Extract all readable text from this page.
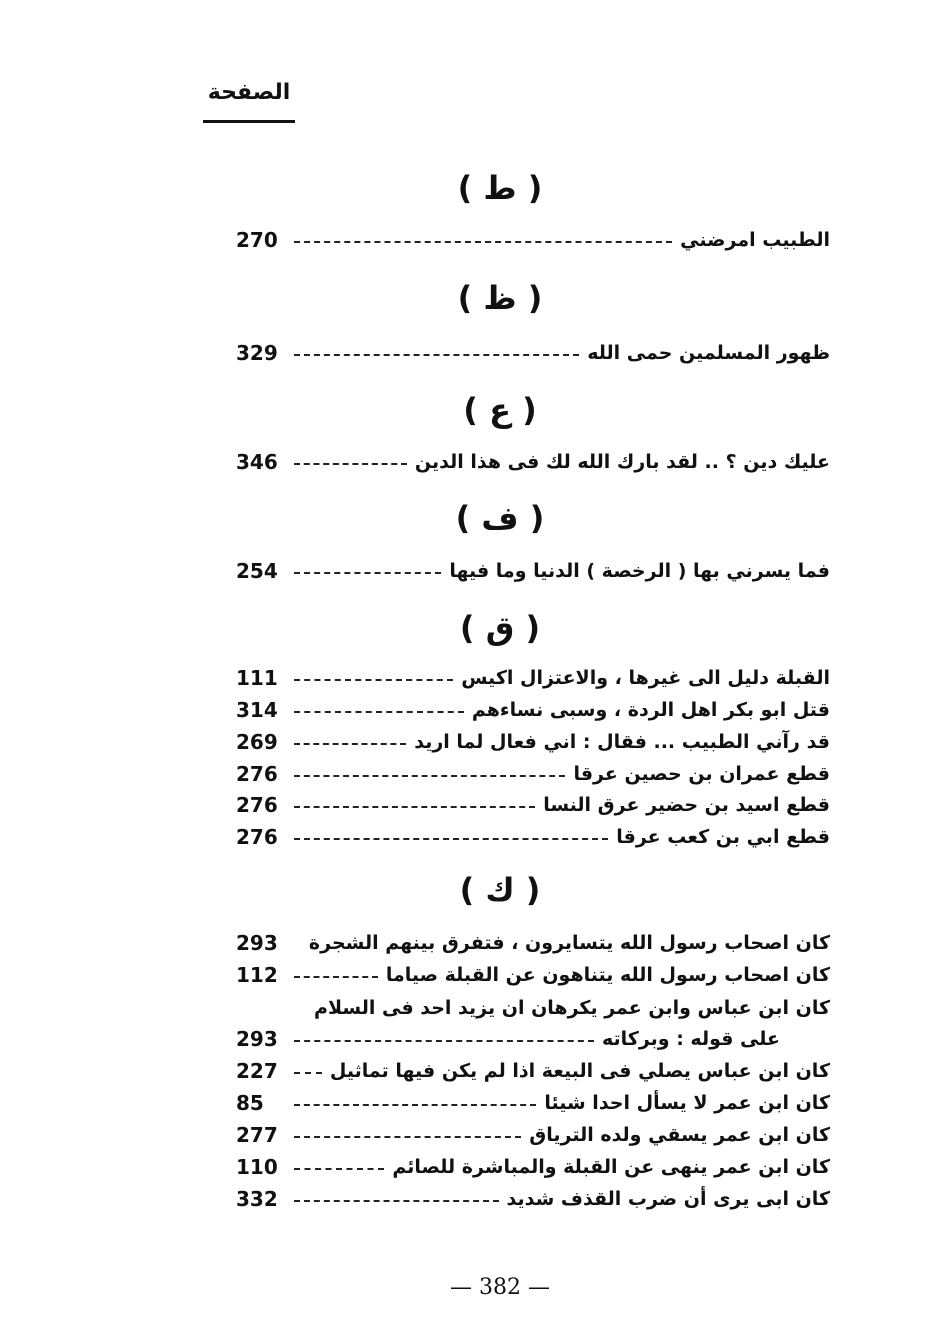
الصفحة
( ط )
270	الطبيب امرضني
( ظ )
329	ظهور المسلمين حمى الله
( ع )
346	عليك دين ؟ .. لقد بارك الله لك فى هذا الدين
( ف )
254	فما يسرني بها ( الرخصة ) الدنيا وما فيها
( ق )
111	القبلة دليل الى غيرها ، والاعتزال اكيس
314	قتل ابو بكر اهل الردة ، وسبى نساءهم
269	قد رآني الطبيب ... فقال : اني فعال لما اريد
276	قطع عمران بن حصين عرقا
276	قطع اسيد بن حضير عرق النسا
276	قطع ابي بن كعب عرقا
( ك )
293	كان اصحاب رسول الله يتسايرون ، فتفرق بينهم الشجرة
112	كان اصحاب رسول الله يتناهون عن القبلة صياما
كان ابن عباس وابن عمر يكرهان ان يزيد احد فى السلام
293	على قوله : وبركاته
227	كان ابن عباس يصلي فى البيعة اذا لم يكن فيها تماثيل
85	كان ابن عمر لا يسأل احدا شيئا
277	كان ابن عمر يسقي ولده الترياق
110	كان ابن عمر ينهى عن القبلة والمباشرة للصائم
332	كان ابى يرى أن ضرب القذف شديد
— 382 —
